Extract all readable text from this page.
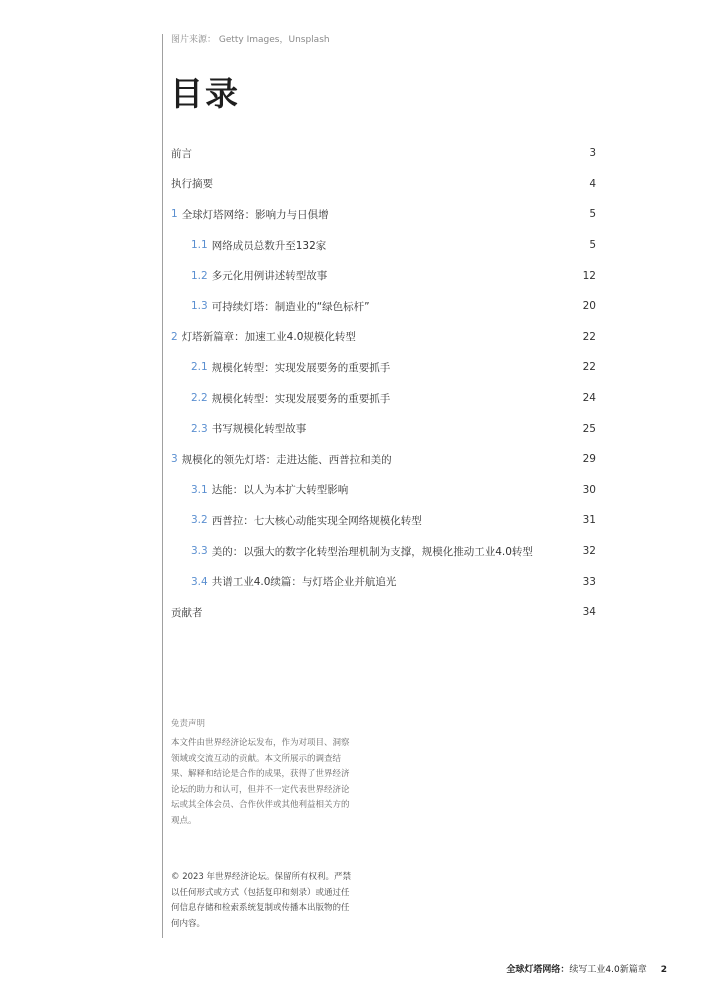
图片来源： Getty Images，Unsplash
目录
前言	3
执行摘要	4
1 全球灯塔网络：影响力与日俱增	5
1.1 网络成员总数升至132家	5
1.2 多元化用例讲述转型故事	12
1.3 可持续灯塔：制造业的“绿色标杆”	20
2 灯塔新篇章：加速工业4.0规模化转型	22
2.1 规模化转型：实现发展要务的重要抓手	22
2.2 规模化转型：实现发展要务的重要抓手	24
2.3 书写规模化转型故事	25
3 规模化的领先灯塔：走进达能、西普拉和美的	29
3.1 达能：以人为本扩大转型影响	30
3.2 西普拉：七大核心动能实现全网络规模化转型	31
3.3 美的：以强大的数字化转型治理机制为支撑，规模化推动工业4.0转型	32
3.4 共谱工业4.0续篇：与灯塔企业并航追光	33
贡献者	34
免责声明
本文件由世界经济论坛发布，作为对项目、洞察领域或交流互动的贡献。本文所展示的调查结果、解释和结论是合作的成果，获得了世界经济论坛的助力和认可，但并不一定代表世界经济论坛或其全体会员、合作伙伴或其他利益相关方的观点。
© 2023 年世界经济论坛。保留所有权利。严禁以任何形式或方式（包括复印和刻录）或通过任何信息存储和检索系统复制或传播本出版物的任何内容。
全球灯塔网络： 续写工业4.0新篇章 2
